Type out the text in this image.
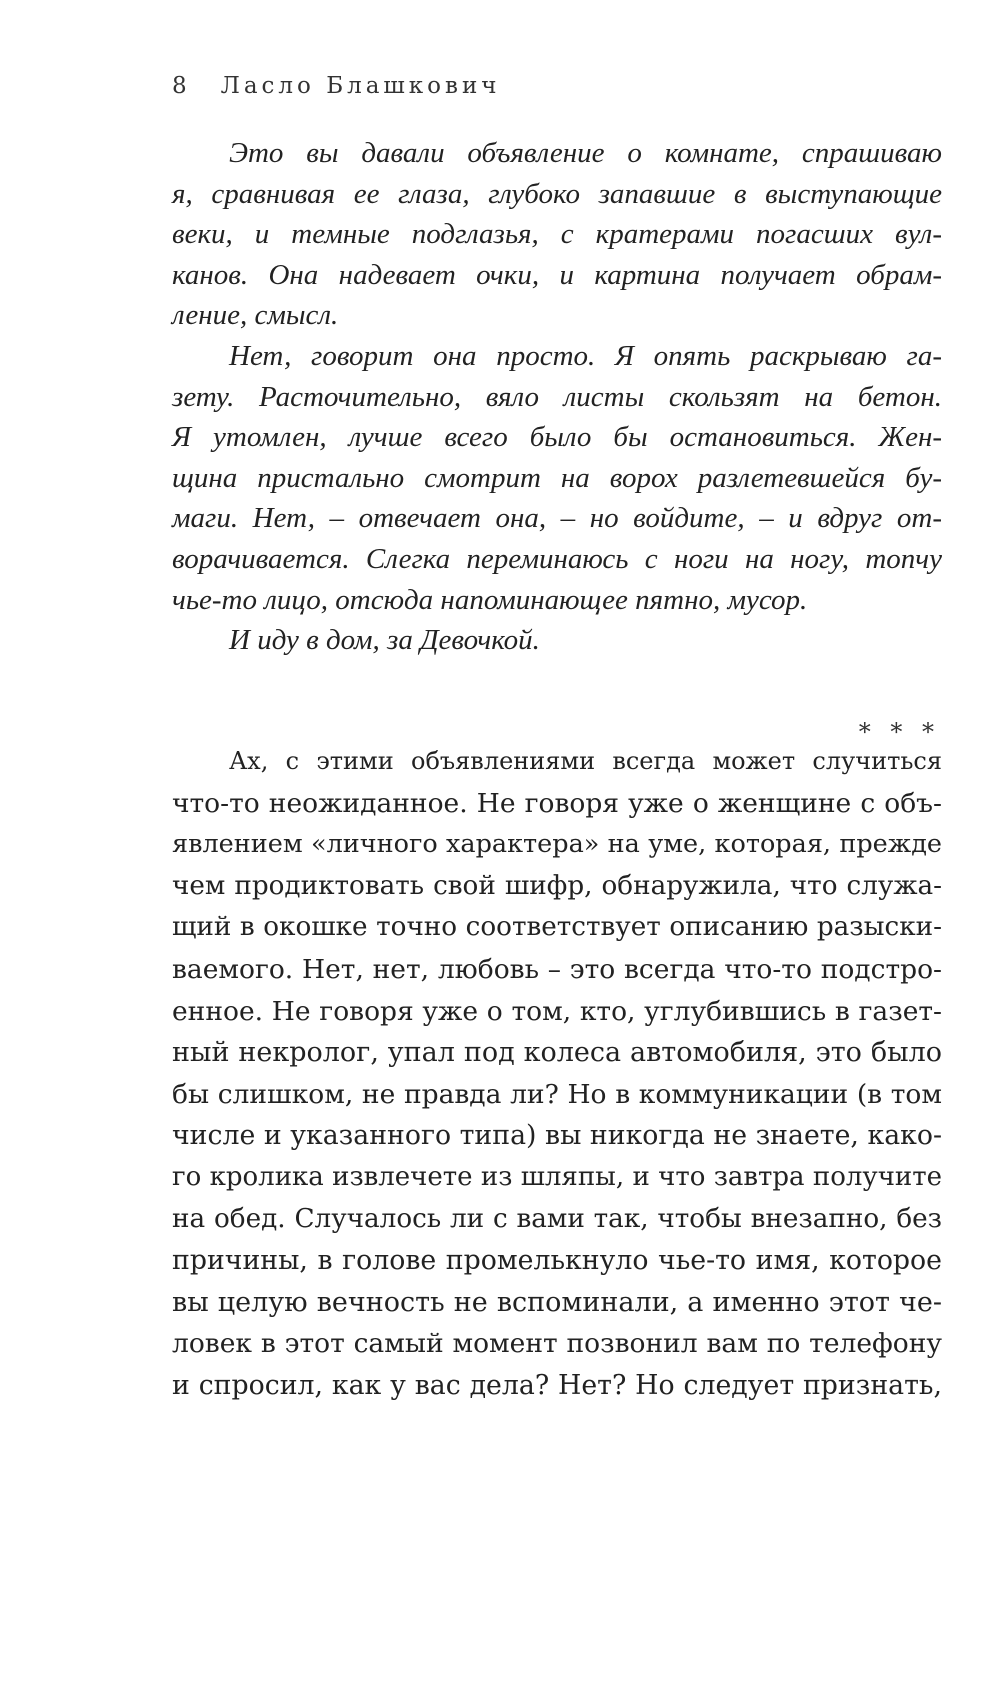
8 Ласло Блашкович
Это вы давали объявление о комнате, спрашиваю
я, сравнивая ее глаза, глубоко запавшие в выступающие
веки, и темные подглазья, с кратерами погасших вул-
канов. Она надевает очки, и картина получает обрам-
ление, смысл.
Нет, говорит она просто. Я опять раскрываю га-
зету. Расточительно, вяло листы скользят на бетон.
Я утомлен, лучше всего было бы остановиться. Жен-
щина пристально смотрит на ворох разлетевшейся бу-
маги. Нет, – отвечает она, – но войдите, – и вдруг от-
ворачивается. Слегка переминаюсь с ноги на ногу, топчу
чье-то лицо, отсюда напоминающее пятно, мусор.
И иду в дом, за Девочкой.
* * *
Ах, с этими объявлениями всегда может случиться
что-то неожиданное. Не говоря уже о женщине с объ-
явлением «личного характера» на уме, которая, прежде
чем продиктовать свой шифр, обнаружила, что служа-
щий в окошке точно соответствует описанию разыски-
ваемого. Нет, нет, любовь – это всегда что-то подстро-
енное. Не говоря уже о том, кто, углубившись в газет-
ный некролог, упал под колеса автомобиля, это было
бы слишком, не правда ли? Но в коммуникации (в том
числе и указанного типа) вы никогда не знаете, како-
го кролика извлечете из шляпы, и что завтра получите
на обед. Случалось ли с вами так, чтобы внезапно, без
причины, в голове промелькнуло чье-то имя, которое
вы целую вечность не вспоминали, а именно этот че-
ловек в этот самый момент позвонил вам по телефону
и спросил, как у вас дела? Нет? Но следует признать,
